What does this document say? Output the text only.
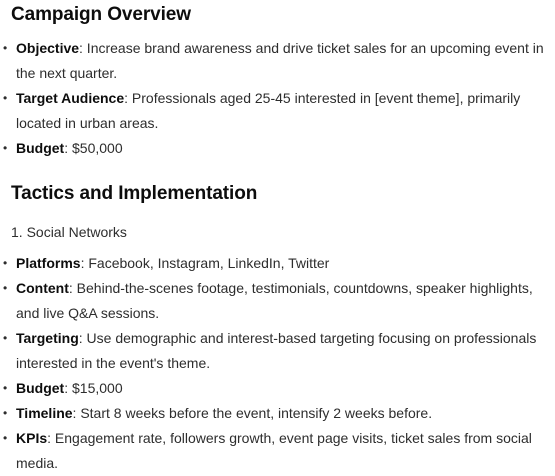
Campaign Overview
• Objective: Increase brand awareness and drive ticket sales for an upcoming event in the next quarter.
• Target Audience: Professionals aged 25-45 interested in [event theme], primarily located in urban areas.
• Budget: $50,000
Tactics and Implementation

1. Social Networks

• Platforms: Facebook, Instagram, LinkedIn, Twitter
• Content: Behind-the-scenes footage, testimonials, countdowns, speaker highlights, and live Q&A sessions.
• Targeting: Use demographic and interest-based targeting focusing on professionals interested in the event's theme.
• Budget: $15,000
• Timeline: Start 8 weeks before the event, intensify 2 weeks before.
• KPIs: Engagement rate, followers growth, event page visits, ticket sales from social media.
